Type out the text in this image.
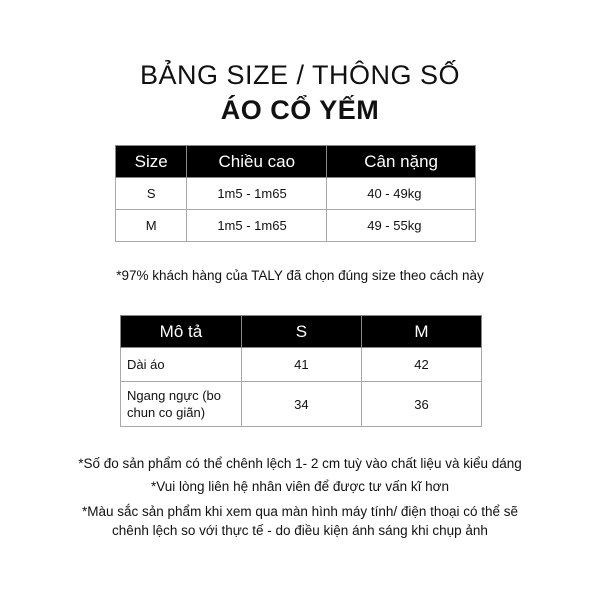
BẢNG SIZE / THÔNG SỐ
ÁO CỔ YẾM
Size	Chiều cao	Cân nặng
S	1m5 - 1m65	40 - 49kg
M	1m5 - 1m65	49 - 55kg
*97% khách hàng của TALY đã chọn đúng size theo cách này
Mô tả	S	M
Dài áo	41	42
Ngang ngực (bo chun co giãn)	34	36
*Số đo sản phẩm có thể chênh lệch 1- 2 cm tuỳ vào chất liệu và kiểu dáng
*Vui lòng liên hệ nhân viên để được tư vấn kĩ hơn
*Màu sắc sản phẩm khi xem qua màn hình máy tính/ điện thoại có thể sẽ
chênh lệch so với thực tế - do điều kiện ánh sáng khi chụp ảnh
